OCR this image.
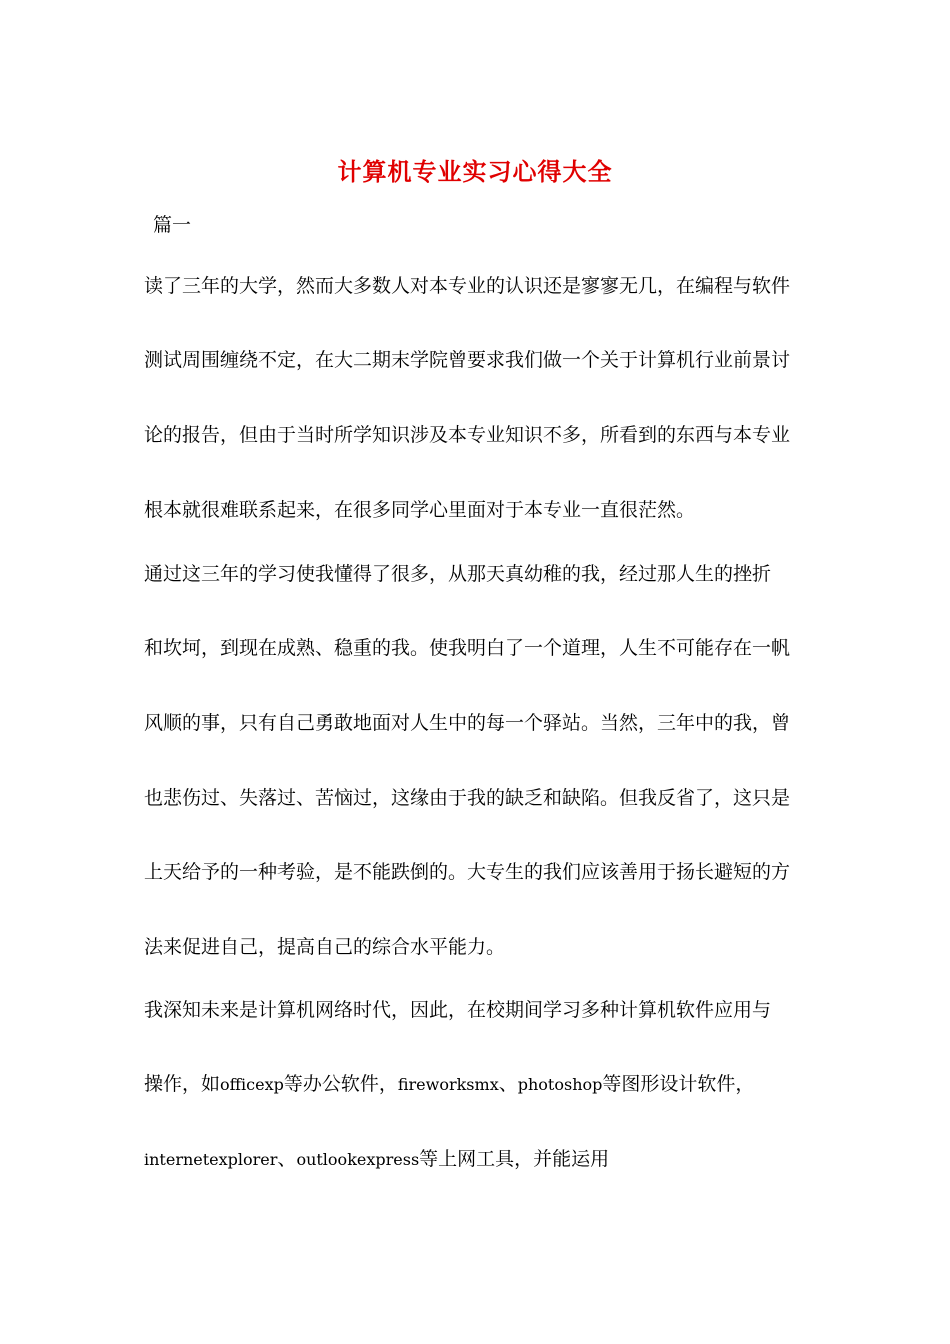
计算机专业实习心得大全
篇一
读了三年的大学，然而大多数人对本专业的认识还是寥寥无几，在编程与软件
测试周围缠绕不定，在大二期末学院曾要求我们做一个关于计算机行业前景讨
论的报告，但由于当时所学知识涉及本专业知识不多，所看到的东西与本专业
根本就很难联系起来，在很多同学心里面对于本专业一直很茫然。
通过这三年的学习使我懂得了很多，从那天真幼稚的我，经过那人生的挫折
和坎坷，到现在成熟、稳重的我。使我明白了一个道理，人生不可能存在一帆
风顺的事，只有自己勇敢地面对人生中的每一个驿站。当然，三年中的我，曾
也悲伤过、失落过、苦恼过，这缘由于我的缺乏和缺陷。但我反省了，这只是
上天给予的一种考验，是不能跌倒的。大专生的我们应该善用于扬长避短的方
法来促进自己，提高自己的综合水平能力。
我深知未来是计算机网络时代，因此，在校期间学习多种计算机软件应用与
操作，如officexp等办公软件，fireworksmx、photoshop等图形设计软件，
internetexplorer、outlookexpress等上网工具，并能运用
